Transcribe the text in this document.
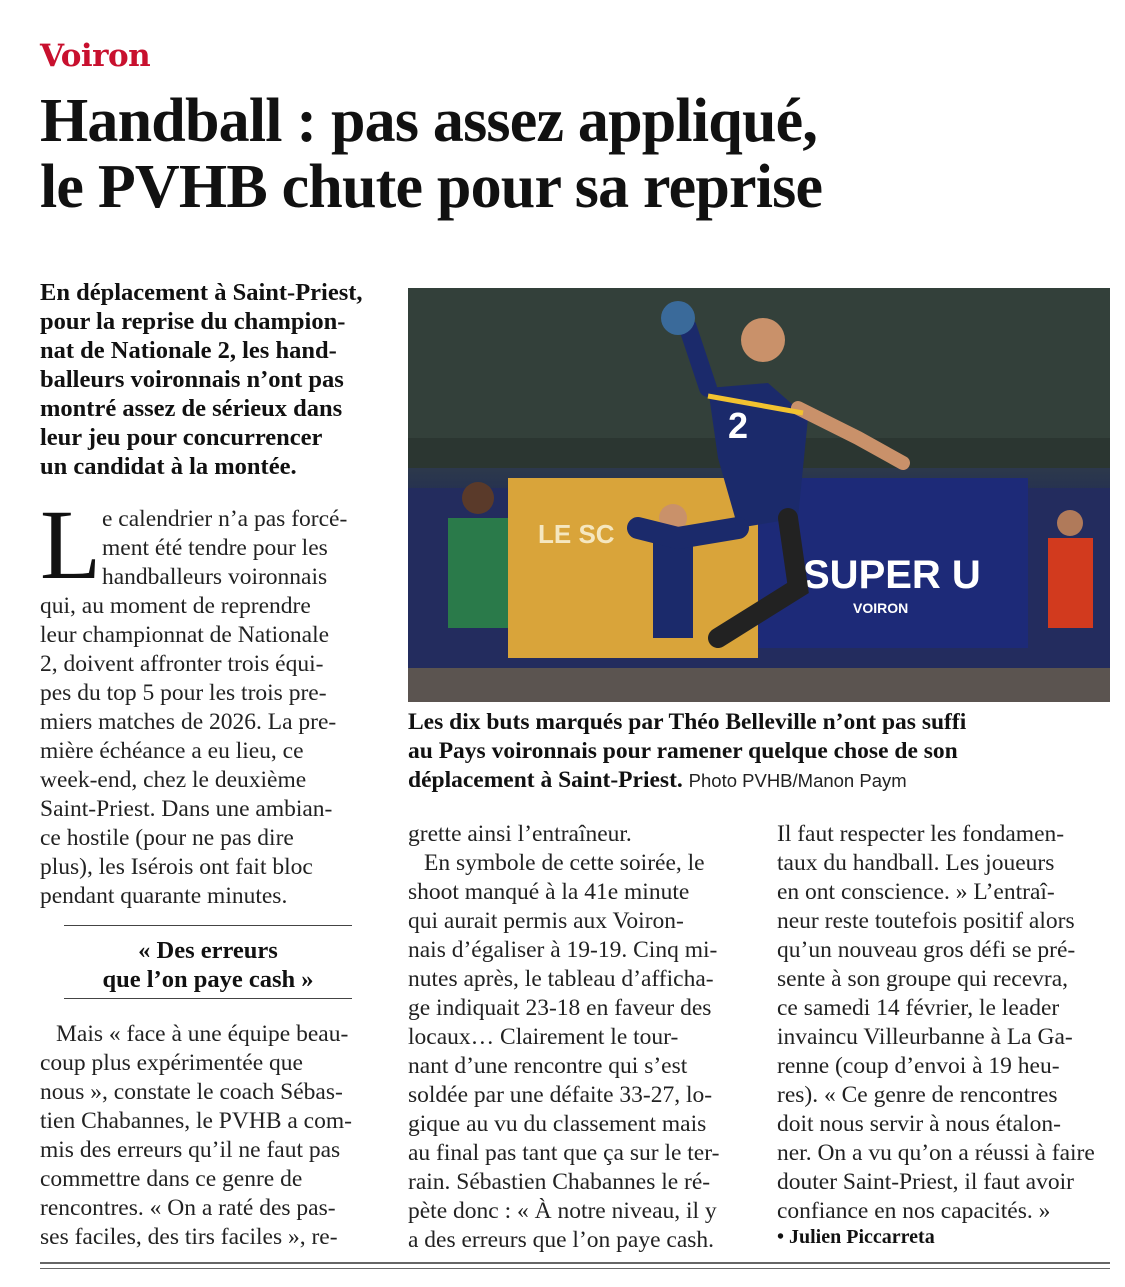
Voiron
Handball : pas assez appliqué,
le PVHB chute pour sa reprise
En déplacement à Saint-Priest,
pour la reprise du champion-
nat de Nationale 2, les hand-
balleurs voironnais n’ont pas
montré assez de sérieux dans
leur jeu pour concurrencer
un candidat à la montée.
L e calendrier n’a pas forcé-
ment été tendre pour les
handballeurs voironnais
qui, au moment de reprendre
leur championnat de Nationale
2, doivent affronter trois équi-
pes du top 5 pour les trois pre-
miers matches de 2026. La pre-
mière échéance a eu lieu, ce
week-end, chez le deuxième
Saint-Priest. Dans une ambian-
ce hostile (pour ne pas dire
plus), les Isérois ont fait bloc
pendant quarante minutes.
« Des erreurs
que l’on paye cash »
Mais « face à une équipe beau-
coup plus expérimentée que
nous », constate le coach Sébas-
tien Chabannes, le PVHB a com-
mis des erreurs qu’il ne faut pas
commettre dans ce genre de
rencontres. « On a raté des pas-
ses faciles, des tirs faciles », re-
LE SC
SUPER U
VOIRON
2
Les dix buts marqués par Théo Belleville n’ont pas suffi
au Pays voironnais pour ramener quelque chose de son
déplacement à Saint-Priest. Photo PVHB/Manon Paym
grette ainsi l’entraîneur.
En symbole de cette soirée, le
shoot manqué à la 41e minute
qui aurait permis aux Voiron-
nais d’égaliser à 19-19. Cinq mi-
nutes après, le tableau d’afficha-
ge indiquait 23-18 en faveur des
locaux… Clairement le tour-
nant d’une rencontre qui s’est
soldée par une défaite 33-27, lo-
gique au vu du classement mais
au final pas tant que ça sur le ter-
rain. Sébastien Chabannes le ré-
pète donc : « À notre niveau, il y
a des erreurs que l’on paye cash.
Il faut respecter les fondamen-
taux du handball. Les joueurs
en ont conscience. » L’entraî-
neur reste toutefois positif alors
qu’un nouveau gros défi se pré-
sente à son groupe qui recevra,
ce samedi 14 février, le leader
invaincu Villeurbanne à La Ga-
renne (coup d’envoi à 19 heu-
res). « Ce genre de rencontres
doit nous servir à nous étalon-
ner. On a vu qu’on a réussi à faire
douter Saint-Priest, il faut avoir
confiance en nos capacités. »
• Julien Piccarreta
